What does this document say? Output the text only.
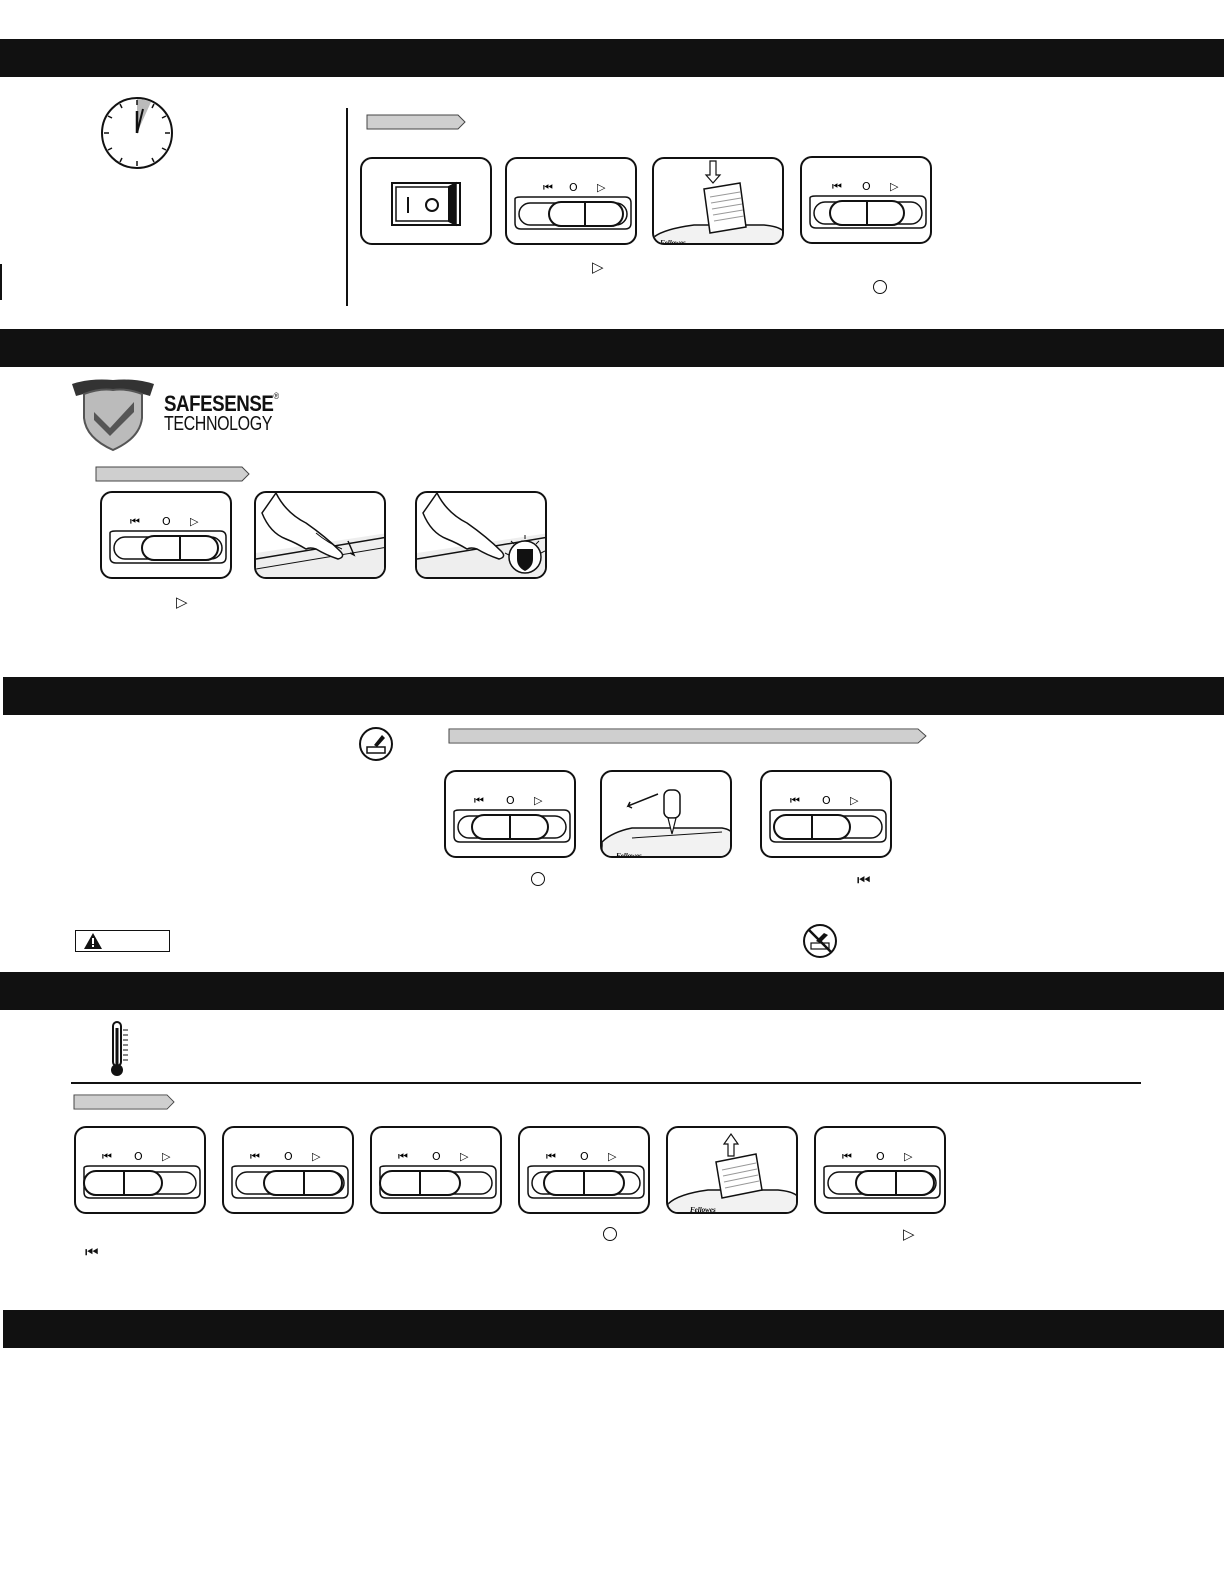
⏮ O ▷
Fellowes
⏮ O ▷
▷
SAFESENSE®
TECHNOLOGY
⏮ O ▷
▷
⏮ O ▷
Fellowes
⏮ O ▷
⏮
⏮ O ▷	⏮ O ▷	⏮ O ▷	⏮ O ▷
Fellowes
⏮ O ▷
⏮
▷
